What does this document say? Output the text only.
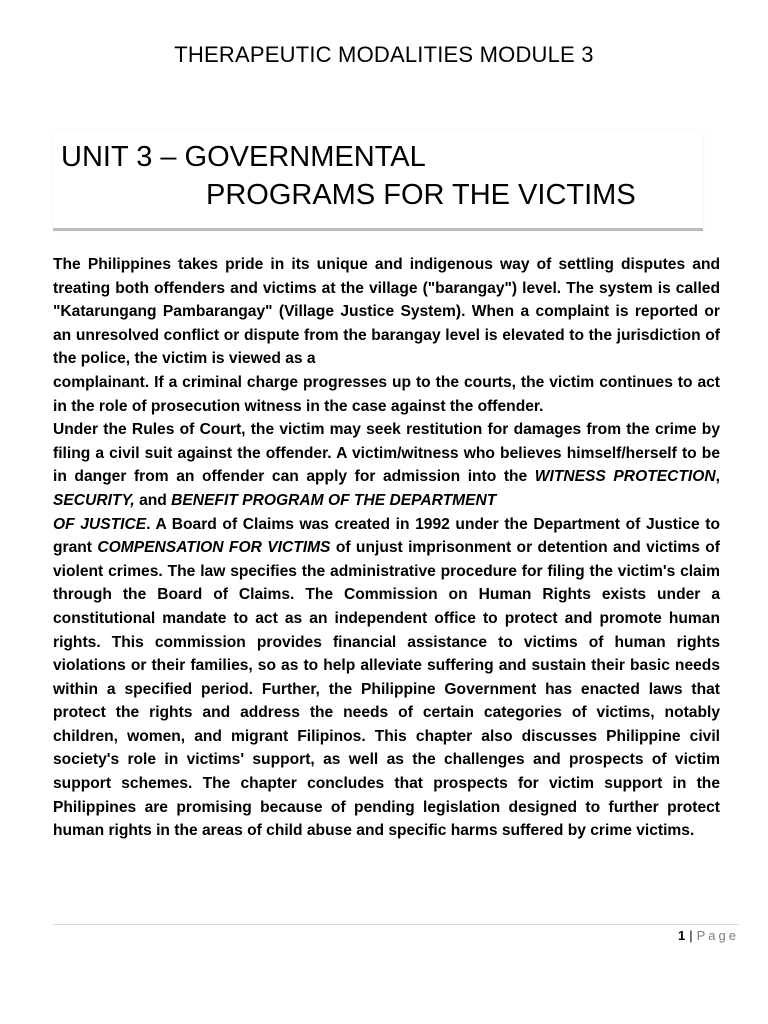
THERAPEUTIC MODALITIES MODULE 3
UNIT 3 – GOVERNMENTAL
PROGRAMS FOR THE VICTIMS

The Philippines takes pride in its unique and indigenous way of settling disputes and treating both offenders and victims at the village ("barangay") level. The system is called "Katarungang Pambarangay" (Village Justice System). When a complaint is reported or an unresolved conflict or dispute from the barangay level is elevated to the jurisdiction of the police, the victim is viewed as a

complainant. If a criminal charge progresses up to the courts, the victim continues to act in the role of prosecution witness in the case against the offender.

Under the Rules of Court, the victim may seek restitution for damages from the crime by filing a civil suit against the offender. A victim/witness who believes himself/herself to be in danger from an offender can apply for admission into the WITNESS PROTECTION, SECURITY, and BENEFIT PROGRAM OF THE DEPARTMENT

OF JUSTICE. A Board of Claims was created in 1992 under the Department of Justice to grant COMPENSATION FOR VICTIMS of unjust imprisonment or detention and victims of violent crimes. The law specifies the administrative procedure for filing the victim's claim through the Board of Claims. The Commission on Human Rights exists under a constitutional mandate to act as an independent office to protect and promote human rights. This commission provides financial assistance to victims of human rights violations or their families, so as to help alleviate suffering and sustain their basic needs within a specified period. Further, the Philippine Government has enacted laws that protect the rights and address the needs of certain categories of victims, notably children, women, and migrant Filipinos. This chapter also discusses Philippine civil society's role in victims' support, as well as the challenges and prospects of victim support schemes. The chapter concludes that prospects for victim support in the Philippines are promising because of pending legislation designed to further protect human rights in the areas of child abuse and specific harms suffered by crime victims.

1 | Page
